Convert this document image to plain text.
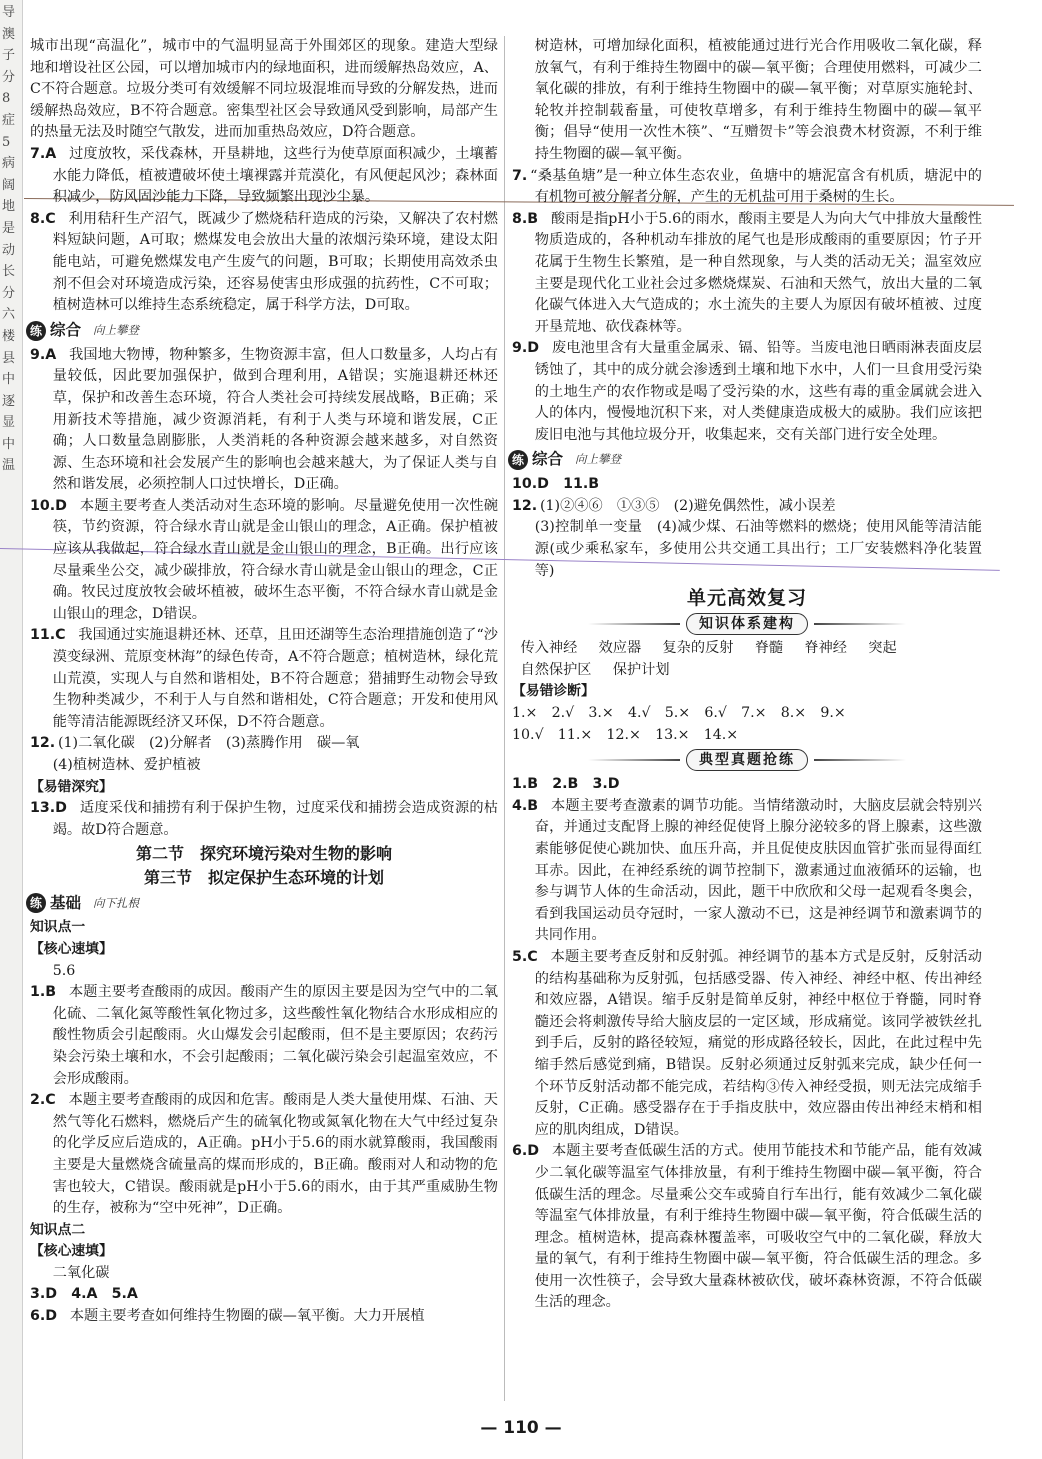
导澳子分8症5病阔地是动长分六楼县中逐显中温

城市出现“高温化”，城市中的气温明显高于外围郊区的现象。建造大型绿地和增设社区公园，可以增加城市内的绿地面积，进而缓解热岛效应，A、C不符合题意。垃圾分类可有效缓解不同垃圾混堆而导致的分解发热，进而缓解热岛效应，B不符合题意。密集型社区会导致通风受到影响，局部产生的热量无法及时随空气散发，进而加重热岛效应，D符合题意。

7.A 过度放牧，采伐森林，开垦耕地，这些行为使草原面积减少，土壤蓄水能力降低，植被遭破坏使土壤裸露并荒漠化，有风便起风沙；森林面积减少，防风固沙能力下降，导致频繁出现沙尘暴。

8.C 利用秸秆生产沼气，既减少了燃烧秸秆造成的污染，又解决了农村燃料短缺问题，A可取；燃煤发电会放出大量的浓烟污染环境，建设太阳能电站，可避免燃煤发电产生废气的问题，B可取；长期使用高效杀虫剂不但会对环境造成污染，还容易使害虫形成强的抗药性，C不可取；植树造林可以维持生态系统稳定，属于科学方法，D可取。

练 综合 向上攀登

9.A 我国地大物博，物种繁多，生物资源丰富，但人口数量多，人均占有量较低，因此要加强保护，做到合理利用，A错误；实施退耕还林还草，保护和改善生态环境，符合人类社会可持续发展战略，B正确；采用新技术等措施，减少资源消耗，有利于人类与环境和谐发展，C正确；人口数量急剧膨胀，人类消耗的各种资源会越来越多，对自然资源、生态环境和社会发展产生的影响也会越来越大，为了保证人类与自然和谐发展，必须控制人口过快增长，D正确。

10.D 本题主要考查人类活动对生态环境的影响。尽量避免使用一次性碗筷，节约资源，符合绿水青山就是金山银山的理念，A正确。保护植被应该从我做起，符合绿水青山就是金山银山的理念，B正确。出行应该尽量乘坐公交，减少碳排放，符合绿水青山就是金山银山的理念，C正确。牧民过度放牧会破坏植被，破坏生态平衡，不符合绿水青山就是金山银山的理念，D错误。

11.C 我国通过实施退耕还林、还草，且田还湖等生态治理措施创造了“沙漠变绿洲、荒原变林海”的绿色传奇，A不符合题意；植树造林，绿化荒山荒漠，实现人与自然和谐相处，B不符合题意；猎捕野生动物会导致生物种类减少，不利于人与自然和谐相处，C符合题意；开发和使用风能等清洁能源既经济又环保，D不符合题意。

12. (1)二氧化碳　(2)分解者　(3)蒸腾作用　碳—氧

(4)植树造林、爱护植被

【易错深究】

13.D 适度采伐和捕捞有利于保护生物，过度采伐和捕捞会造成资源的枯竭。故D符合题意。

第二节　探究环境污染对生物的影响
第三节　拟定保护生态环境的计划
练 基础 向下扎根

知识点一

【核心速填】

5.6

1.B 本题主要考查酸雨的成因。酸雨产生的原因主要是因为空气中的二氧化硫、二氧化氮等酸性氧化物过多，这些酸性氧化物结合水形成相应的酸性物质会引起酸雨。火山爆发会引起酸雨，但不是主要原因；农药污染会污染土壤和水，不会引起酸雨；二氧化碳污染会引起温室效应，不会形成酸雨。

2.C 本题主要考查酸雨的成因和危害。酸雨是人类大量使用煤、石油、天然气等化石燃料，燃烧后产生的硫氧化物或氮氧化物在大气中经过复杂的化学反应后造成的，A正确。pH小于5.6的雨水就算酸雨，我国酸雨主要是大量燃烧含硫量高的煤而形成的，B正确。酸雨对人和动物的危害也较大，C错误。酸雨就是pH小于5.6的雨水，由于其严重威胁生物的生存，被称为“空中死神”，D正确。

知识点二

【核心速填】

二氧化碳

3.D　4.A　5.A

6.D 本题主要考查如何维持生物圈的碳—氧平衡。大力开展植

树造林，可增加绿化面积，植被能通过进行光合作用吸收二氧化碳，释放氧气，有利于维持生物圈中的碳—氧平衡；合理使用燃料，可减少二氧化碳的排放，有利于维持生物圈中的碳—氧平衡；对草原实施轮封、轮牧并控制载畜量，可使牧草增多，有利于维持生物圈中的碳—氧平衡；倡导“使用一次性木筷”、“互赠贺卡”等会浪费木材资源，不利于维持生物圈的碳—氧平衡。

7. “桑基鱼塘”是一种立体生态农业，鱼塘中的塘泥富含有机质，塘泥中的有机物可被分解者分解，产生的无机盐可用于桑树的生长。

8.B 酸雨是指pH小于5.6的雨水，酸雨主要是人为向大气中排放大量酸性物质造成的，各种机动车排放的尾气也是形成酸雨的重要原因；竹子开花属于生物生长繁殖，是一种自然现象，与人类的活动无关；温室效应主要是现代化工业社会过多燃烧煤炭、石油和天然气，放出大量的二氧化碳气体进入大气造成的；水土流失的主要人为原因有破坏植被、过度开垦荒地、砍伐森林等。

9.D 废电池里含有大量重金属汞、镉、铅等。当废电池日晒雨淋表面皮层锈蚀了，其中的成分就会渗透到土壤和地下水中，人们一旦食用受污染的土地生产的农作物或是喝了受污染的水，这些有毒的重金属就会进入人的体内，慢慢地沉积下来，对人类健康造成极大的威胁。我们应该把废旧电池与其他垃圾分开，收集起来，交有关部门进行安全处理。

练 综合 向上攀登

10.D　11.B

12. (1)②④⑥　①③⑤　(2)避免偶然性，减小误差

(3)控制单一变量　(4)减少煤、石油等燃料的燃烧；使用风能等清洁能源(或少乘私家车，多使用公共交通工具出行；工厂安装燃料净化装置等)

单元高效复习
知识体系建构
传入神经 效应器 复杂的反射 脊髓 脊神经 突起
自然保护区 保护计划

【易错诊断】

1.×　2.√　3.×　4.√　5.×　6.√　7.×　8.×　9.×

10.√　11.×　12.×　13.×　14.×

典型真题抢练

1.B　2.B　3.D

4.B 本题主要考查激素的调节功能。当情绪激动时，大脑皮层就会特别兴奋，并通过支配肾上腺的神经促使肾上腺分泌较多的肾上腺素，这些激素能够促使心跳加快、血压升高，并且促使皮肤因血管扩张而显得面红耳赤。因此，在神经系统的调节控制下，激素通过血液循环的运输，也参与调节人体的生命活动，因此，题干中欣欣和父母一起观看冬奥会，看到我国运动员夺冠时，一家人激动不已，这是神经调节和激素调节的共同作用。

5.C 本题主要考查反射和反射弧。神经调节的基本方式是反射，反射活动的结构基础称为反射弧，包括感受器、传入神经、神经中枢、传出神经和效应器，A错误。缩手反射是简单反射，神经中枢位于脊髓，同时脊髓还会将刺激传导给大脑皮层的一定区域，形成痛觉。该同学被铁丝扎到手后，反射的路径较短，痛觉的形成路径较长，因此，在此过程中先缩手然后感觉到痛，B错误。反射必须通过反射弧来完成，缺少任何一个环节反射活动都不能完成，若结构③传入神经受损，则无法完成缩手反射，C正确。感受器存在于手指皮肤中，效应器由传出神经末梢和相应的肌肉组成，D错误。

6.D 本题主要考查低碳生活的方式。使用节能技术和节能产品，能有效减少二氧化碳等温室气体排放量，有利于维持生物圈中碳—氧平衡，符合低碳生活的理念。尽量乘公交车或骑自行车出行，能有效减少二氧化碳等温室气体排放量，有利于维持生物圈中碳—氧平衡，符合低碳生活的理念。植树造林，提高森林覆盖率，可吸收空气中的二氧化碳，释放大量的氧气，有利于维持生物圈中碳—氧平衡，符合低碳生活的理念。多使用一次性筷子，会导致大量森林被砍伐，破坏森林资源，不符合低碳生活的理念。

— 110 —
